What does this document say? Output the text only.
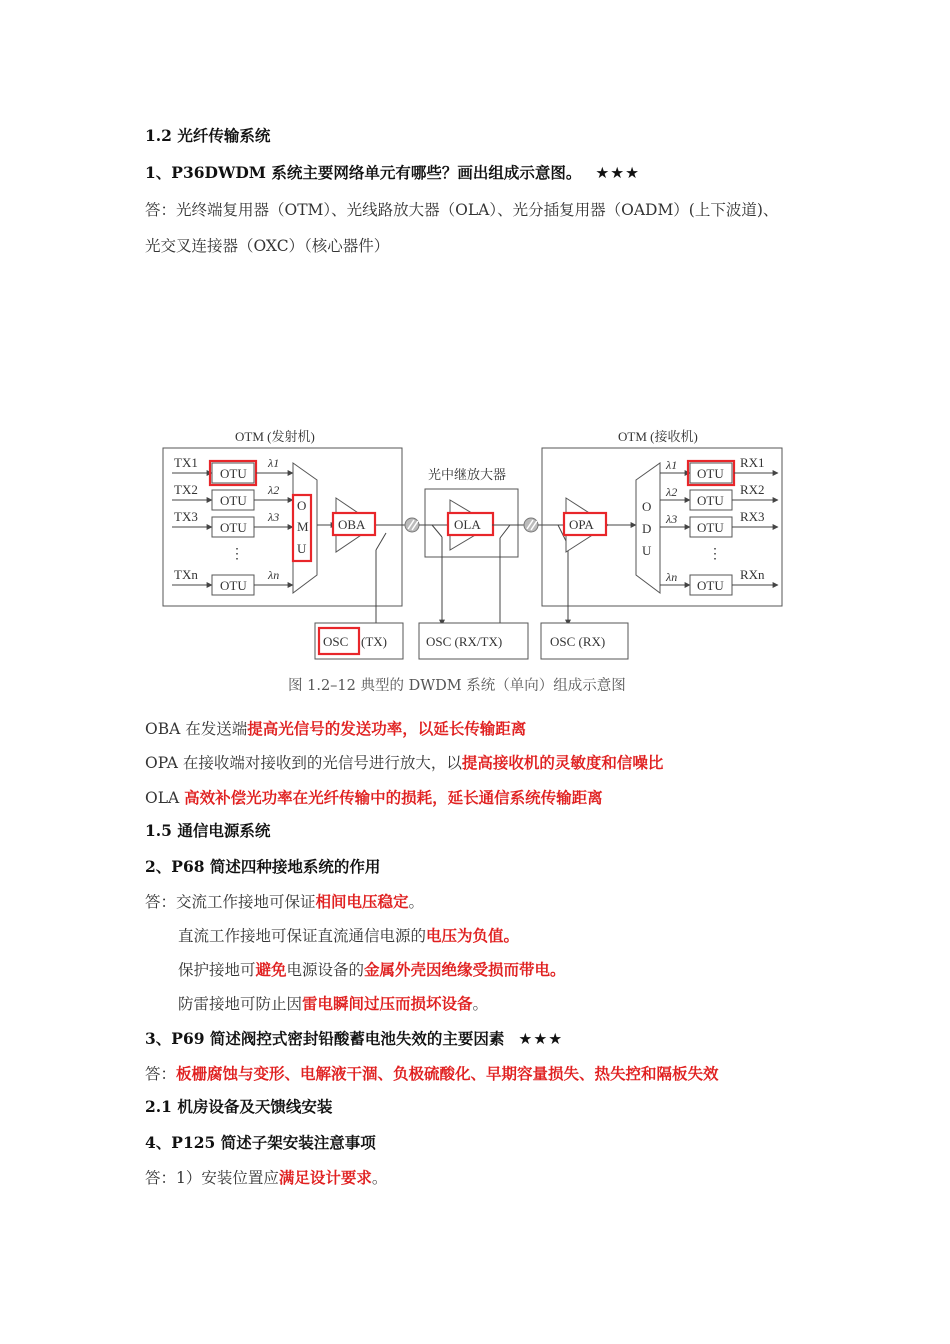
1.2 光纤传输系统
1、P36DWDM 系统主要网络单元有哪些？画出组成示意图。 ★★★
答：光终端复用器（OTM）、光线路放大器（OLA）、光分插复用器（OADM）(上下波道)、
光交叉连接器（OXC）（核心器件）
OTM (发射机)
TX1
OTU
λ1
TX2
OTU
λ2
TX3
OTU
λ3
⋮
TXn
OTU
λn
O
M
U
OBA
光中继放大器
OLA
OTM (接收机)
OPA
O
D
U
λ1
OTU
RX1
λ2
OTU
RX2
λ3
OTU
RX3
⋮
λn
OTU
RXn
OSC (TX)	OSC (RX/TX)	OSC (RX)
图 1.2–12 典型的 DWDM 系统（单向）组成示意图
OBA 在发送端提高光信号的发送功率，以延长传输距离
OPA 在接收端对接收到的光信号进行放大，以提高接收机的灵敏度和信噪比
OLA 高效补偿光功率在光纤传输中的损耗，延长通信系统传输距离
1.5 通信电源系统
2、P68 简述四种接地系统的作用
答：交流工作接地可保证相间电压稳定。
直流工作接地可保证直流通信电源的电压为负值。
保护接地可避免电源设备的金属外壳因绝缘受损而带电。
防雷接地可防止因雷电瞬间过压而损坏设备。
3、P69 简述阀控式密封铅酸蓄电池失效的主要因素 ★★★
答：板栅腐蚀与变形、电解液干涸、负极硫酸化、早期容量损失、热失控和隔板失效
2.1 机房设备及天馈线安装
4、P125 简述子架安装注意事项
答：1）安装位置应满足设计要求。
